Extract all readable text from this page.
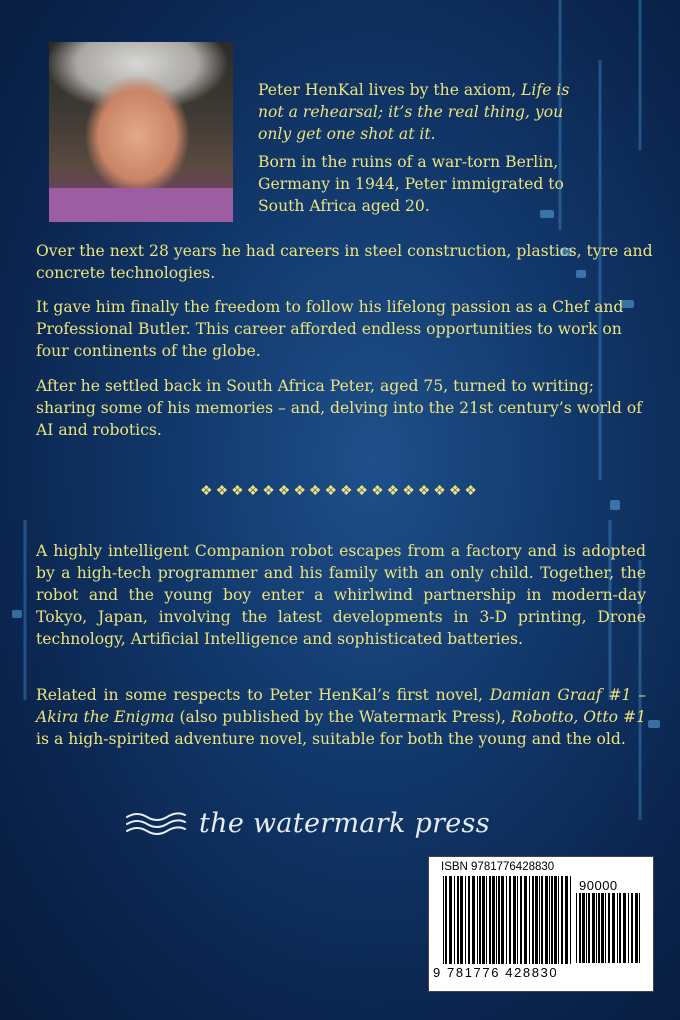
Peter HenKal lives by the axiom, Life is not a rehearsal; it’s the real thing, you only get one shot at it.
Born in the ruins of a war-torn Berlin, Germany in 1944, Peter immigrated to South Africa aged 20.
Over the next 28 years he had careers in steel construction, plastics, tyre and concrete technologies.
It gave him finally the freedom to follow his lifelong passion as a Chef and Professional Butler. This career afforded endless opportunities to work on four continents of the globe.
After he settled back in South Africa Peter, aged 75, turned to writing; sharing some of his memories – and, delving into the 21st century’s world of AI and robotics.
❖❖❖❖❖❖❖❖❖❖❖❖❖❖❖❖❖❖
A highly intelligent Companion robot escapes from a factory and is adopted by a high-tech programmer and his family with an only child. Together, the robot and the young boy enter a whirlwind partnership in modern-day Tokyo, Japan, involving the latest developments in 3-D printing, Drone technology, Artificial Intelligence and sophisticated batteries.
Related in some respects to Peter HenKal’s first novel, Damian Graaf #1 – Akira the Enigma (also published by the Watermark Press), Robotto, Otto #1 is a high-spirited adventure novel, suitable for both the young and the old.
the watermark press
ISBN 9781776428830
90000
9 781776 428830
